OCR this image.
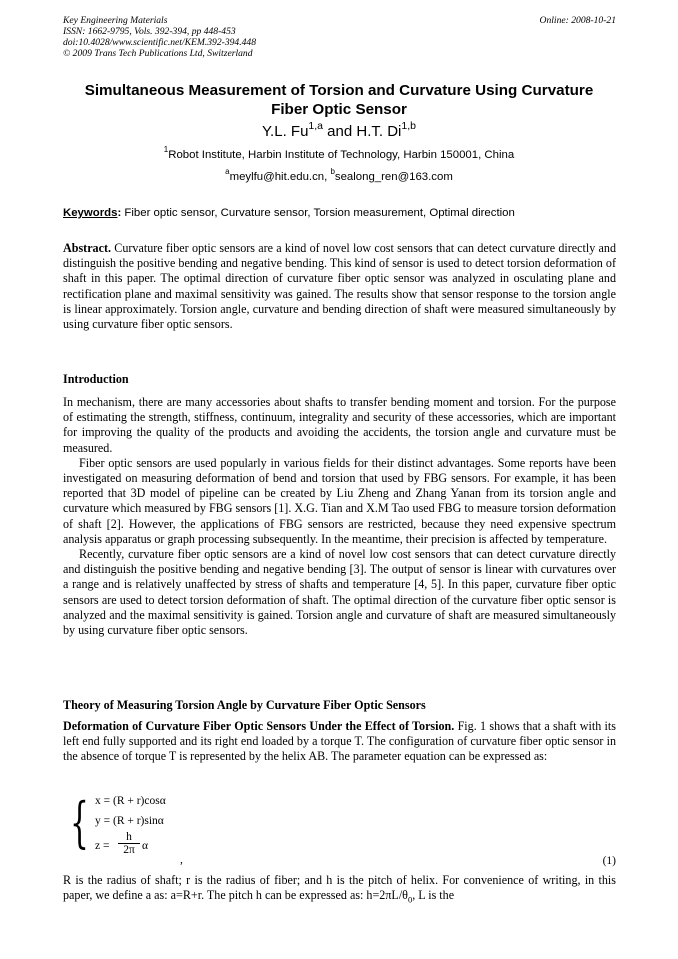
Key Engineering Materials
ISSN: 1662-9795, Vols. 392-394, pp 448-453
doi:10.4028/www.scientific.net/KEM.392-394.448
© 2009 Trans Tech Publications Ltd, Switzerland
Online: 2008-10-21
Simultaneous Measurement of Torsion and Curvature Using Curvature
Fiber Optic Sensor
Y.L. Fu$^{1,a}$ and H.T. Di$^{1,b}$
$^1$Robot Institute, Harbin Institute of Technology, Harbin 150001, China
$^a$meylfu@hit.edu.cn, $^b$sealong_ren@163.com
Keywords: Fiber optic sensor, Curvature sensor, Torsion measurement, Optimal direction
Abstract. Curvature fiber optic sensors are a kind of novel low cost sensors that can detect curvature directly and distinguish the positive bending and negative bending. This kind of sensor is used to detect torsion deformation of shaft in this paper. The optimal direction of curvature fiber optic sensor was analyzed in osculating plane and rectification plane and maximal sensitivity was gained. The results show that sensor response to the torsion angle is linear approximately. Torsion angle, curvature and bending direction of shaft were measured simultaneously by using curvature fiber optic sensors.
Introduction

In mechanism, there are many accessories about shafts to transfer bending moment and torsion. For the purpose of estimating the strength, stiffness, continuum, integrality and security of these accessories, which are important for improving the quality of the products and avoiding the accidents, the torsion angle and curvature must be measured.

Fiber optic sensors are used popularly in various fields for their distinct advantages. Some reports have been investigated on measuring deformation of bend and torsion that used by FBG sensors. For example, it has been reported that 3D model of pipeline can be created by Liu Zheng and Zhang Yanan from its torsion angle and curvature which measured by FBG sensors [1]. X.G. Tian and X.M Tao used FBG to measure torsion deformation of shaft [2]. However, the applications of FBG sensors are restricted, because they need expensive spectrum analysis apparatus or graph processing subsequently. In the meantime, their precision is affected by temperature.

Recently, curvature fiber optic sensors are a kind of novel low cost sensors that can detect curvature directly and distinguish the positive bending and negative bending [3]. The output of sensor is linear with curvatures over a range and is relatively unaffected by stress of shafts and temperature [4, 5]. In this paper, curvature fiber optic sensors are used to detect torsion deformation of shaft. The optimal direction of the curvature fiber optic sensor is analyzed and the maximal sensitivity is gained. Torsion angle and curvature of shaft are measured simultaneously by using curvature fiber optic sensors.

Theory of Measuring Torsion Angle by Curvature Fiber Optic Sensors
Deformation of Curvature Fiber Optic Sensors Under the Effect of Torsion. Fig. 1 shows that a shaft with its left end fully supported and its right end loaded by a torque T. The configuration of curvature fiber optic sensor in the absence of torque T is represented by the helix AB. The parameter equation can be expressed as:
{ x = (R + r)cosα
y = (R + r)sinα
$z = \frac{h}{2\pi}$ α
,	(1)
R is the radius of shaft; r is the radius of fiber; and h is the pitch of helix. For convenience of writing, in this paper, we define a as: a=R+r. The pitch h can be expressed as: $h=2\pi L/\theta_0$, L is the
